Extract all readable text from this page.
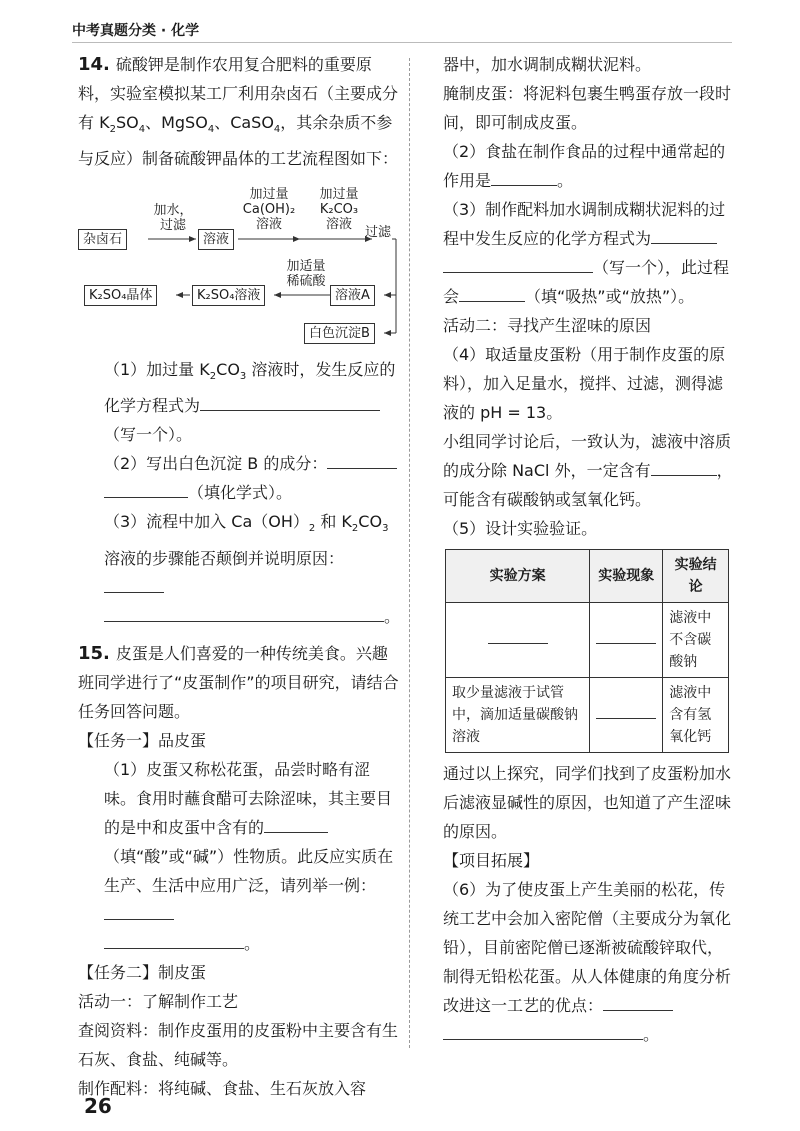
中考真题分类 · 化学

14. 硫酸钾是制作农用复合肥料的重要原料，实验室模拟某工厂利用杂卤石（主要成分有 $K_2SO_4$、MgSO$_4$、CaSO$_4$，其余杂质不参与反应）制备硫酸钾晶体的工艺流程图如下：

杂卤石
加水，
过滤
溶液
加过量
Ca(OH)₂
溶液
加过量
K₂CO₃
溶液
过滤
加适量
稀硫酸
溶液A
K₂SO₄溶液
K₂SO₄晶体
白色沉淀B

（1）加过量 $K_2CO_3$ 溶液时，发生反应的化学方程式为
（写一个）。

（2）写出白色沉淀 B 的成分：
（填化学式）。

（3）流程中加入 $Ca(OH)_2$ 和 $K_2CO_3$ 溶液的步骤能否颠倒并说明原因：
。

15. 皮蛋是人们喜爱的一种传统美食。兴趣班同学进行了“皮蛋制作”的项目研究，请结合任务回答问题。

【任务一】品皮蛋

（1）皮蛋又称松花蛋，品尝时略有涩味。食用时蘸食醋可去除涩味，其主要目的是中和皮蛋中含有的（填“酸”或“碱”）性物质。此反应实质在生产、生活中应用广泛，请列举一例：
。

【任务二】制皮蛋

活动一：了解制作工艺

查阅资料：制作皮蛋用的皮蛋粉中主要含有生石灰、食盐、纯碱等。

制作配料：将纯碱、食盐、生石灰放入容

器中，加水调制成糊状泥料。

腌制皮蛋：将泥料包裹生鸭蛋存放一段时间，即可制成皮蛋。

（2）食盐在制作食品的过程中通常起的作用是	。

（3）制作配料加水调制成糊状泥料的过程中发生反应的化学方程式为
（写一个），此过程会	（填“吸热”或“放热”）。

活动二：寻找产生涩味的原因

（4）取适量皮蛋粉（用于制作皮蛋的原料），加入足量水，搅拌、过滤，测得滤液的 pH = 13。
小组同学讨论后，一致认为，滤液中溶质的成分除 NaCl 外，一定含有	，可能含有碳酸钠或氢氧化钙。

（5）设计实验验证。

实验方案	实验现象	实验结论
		滤液中不含碳酸钠
取少量滤液于试管中，滴加适量碳酸钠溶液		滤液中含有氢氧化钙

通过以上探究，同学们找到了皮蛋粉加水后滤液显碱性的原因，也知道了产生涩味的原因。

【项目拓展】

（6）为了使皮蛋上产生美丽的松花，传统工艺中会加入密陀僧（主要成分为氧化铅），目前密陀僧已逐渐被硫酸锌取代，制得无铅松花蛋。从人体健康的角度分析改进这一工艺的优点：
。

26
